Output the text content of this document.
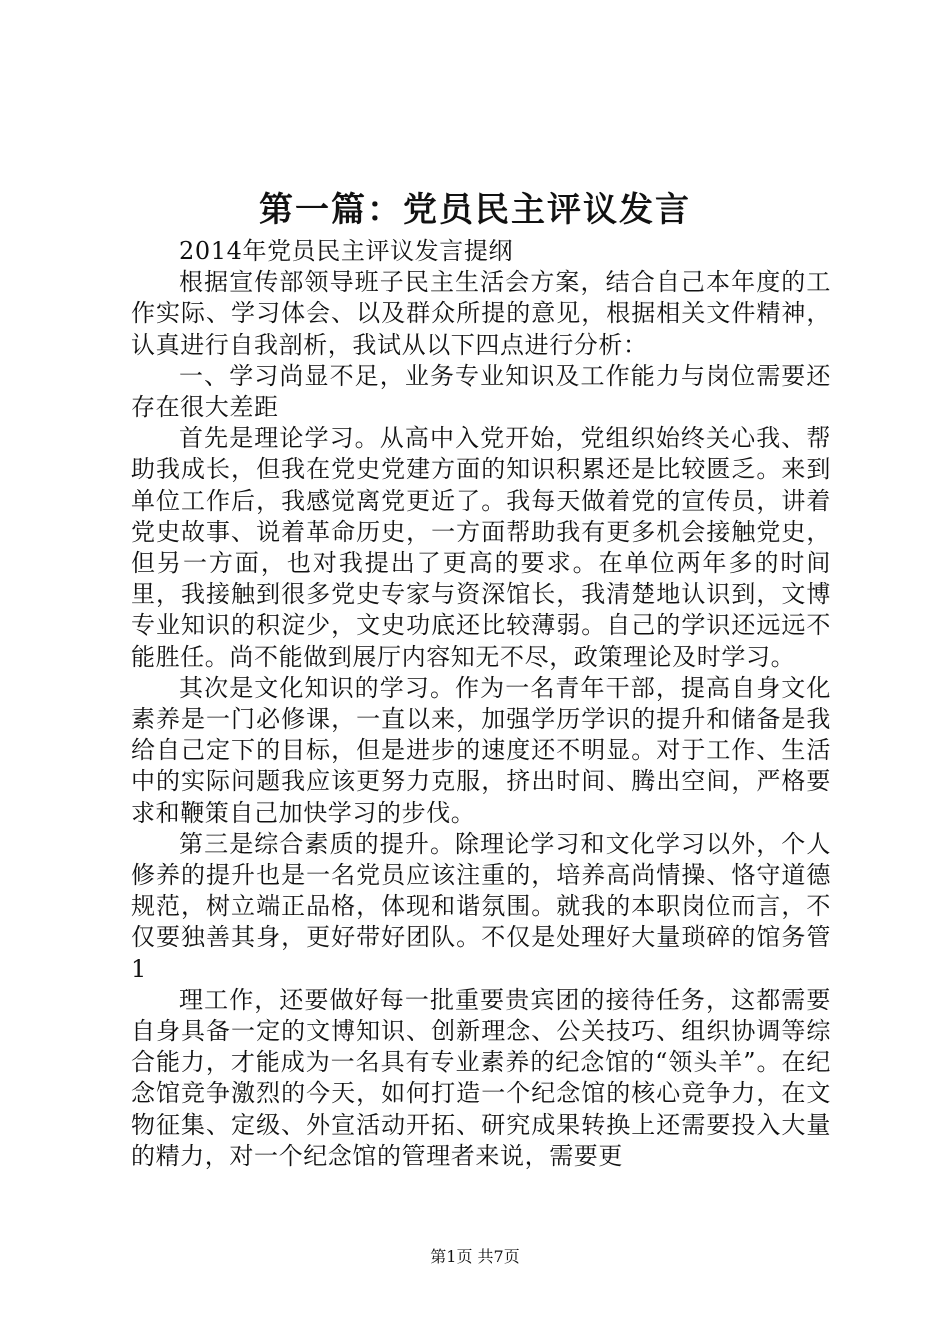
第一篇：党员民主评议发言

2014年党员民主评议发言提纲

根据宣传部领导班子民主生活会方案，结合自己本年度的工作实际、学习体会、以及群众所提的意见，根据相关文件精神，认真进行自我剖析，我试从以下四点进行分析：

一、学习尚显不足，业务专业知识及工作能力与岗位需要还存在很大差距

首先是理论学习。从高中入党开始，党组织始终关心我、帮助我成长，但我在党史党建方面的知识积累还是比较匮乏。来到单位工作后，我感觉离党更近了。我每天做着党的宣传员，讲着党史故事、说着革命历史，一方面帮助我有更多机会接触党史，但另一方面，也对我提出了更高的要求。在单位两年多的时间里，我接触到很多党史专家与资深馆长，我清楚地认识到，文博专业知识的积淀少，文史功底还比较薄弱。自己的学识还远远不能胜任。尚不能做到展厅内容知无不尽，政策理论及时学习。

其次是文化知识的学习。作为一名青年干部，提高自身文化素养是一门必修课，一直以来，加强学历学识的提升和储备是我给自己定下的目标，但是进步的速度还不明显。对于工作、生活中的实际问题我应该更努力克服，挤出时间、腾出空间，严格要求和鞭策自己加快学习的步伐。

第三是综合素质的提升。除理论学习和文化学习以外，个人修养的提升也是一名党员应该注重的，培养高尚情操、恪守道德规范，树立端正品格，体现和谐氛围。就我的本职岗位而言，不仅要独善其身，更好带好团队。不仅是处理好大量琐碎的馆务管1

理工作，还要做好每一批重要贵宾团的接待任务，这都需要自身具备一定的文博知识、创新理念、公关技巧、组织协调等综合能力，才能成为一名具有专业素养的纪念馆的“领头羊”。在纪念馆竞争激烈的今天，如何打造一个纪念馆的核心竞争力，在文物征集、定级、外宣活动开拓、研究成果转换上还需要投入大量的精力，对一个纪念馆的管理者来说，需要更

第1页 共7页
